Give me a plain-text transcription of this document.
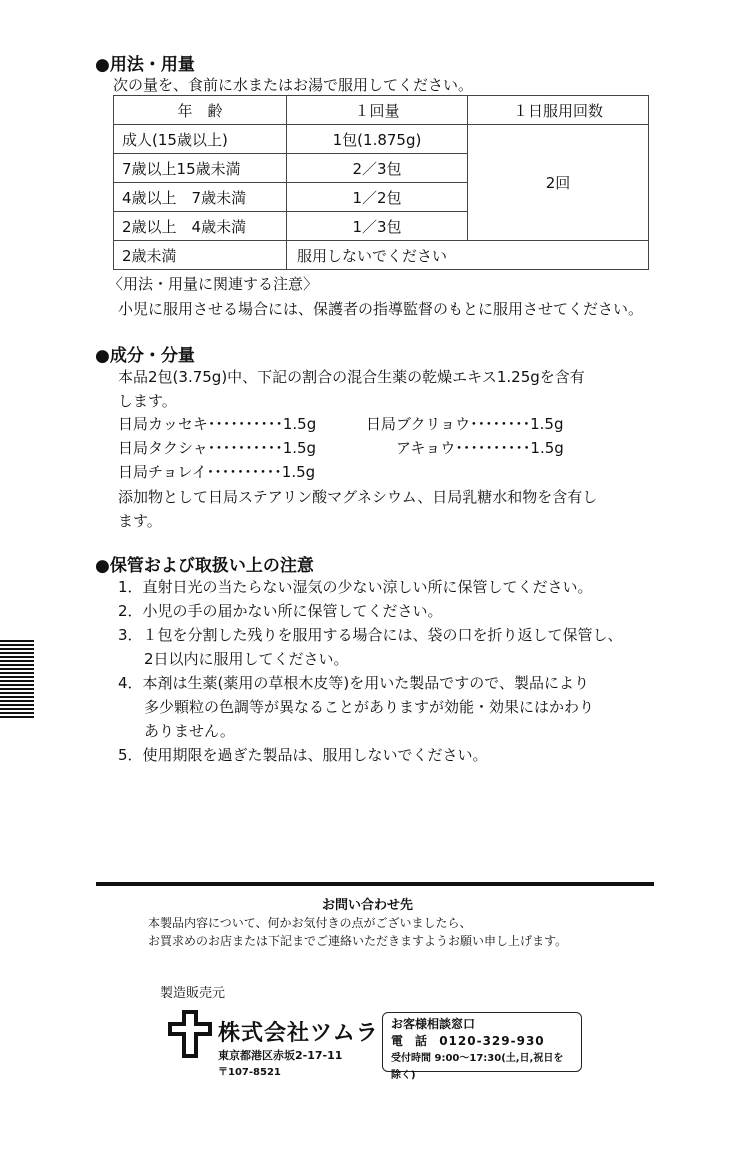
●用法・用量
次の量を、食前に水またはお湯で服用してください。
年　齢	１回量	１日服用回数
成人(15歳以上)	1包(1.875g)	2回
7歳以上15歳未満	2／3包	
4歳以上　7歳未満	1／2包	
2歳以上　4歳未満	1／3包	
2歳未満	服用しないでください	
〈用法・用量に関連する注意〉
小児に服用させる場合には、保護者の指導監督のもとに服用させてください。
●成分・分量
本品2包(3.75g)中、下記の割合の混合生薬の乾燥エキス1.25gを含有
します。
日局カッセキ･･････････1.5g	日局ブクリョウ････････1.5g
日局タクシャ･･････････1.5g	アキョウ･･････････1.5g
日局チョレイ･･････････1.5g
添加物として日局ステアリン酸マグネシウム、日局乳糖水和物を含有し
ます。
●保管および取扱い上の注意
1．直射日光の当たらない湿気の少ない涼しい所に保管してください。
2．小児の手の届かない所に保管してください。
3．１包を分割した残りを服用する場合には、袋の口を折り返して保管し、
2日以内に服用してください。
4．本剤は生薬(薬用の草根木皮等)を用いた製品ですので、製品により
多少顆粒の色調等が異なることがありますが効能・効果にはかわり
ありません。
5．使用期限を過ぎた製品は、服用しないでください。
お問い合わせ先
本製品内容について、何かお気付きの点がございましたら、
お買求めのお店または下記までご連絡いただきますようお願い申し上げます。
製造販売元
株式会社ツムラ
東京都港区赤坂2-17-11
〒107-8521
お客様相談窓口
電　話 0120-329-930
受付時間 9:00～17:30(土,日,祝日を除く)
